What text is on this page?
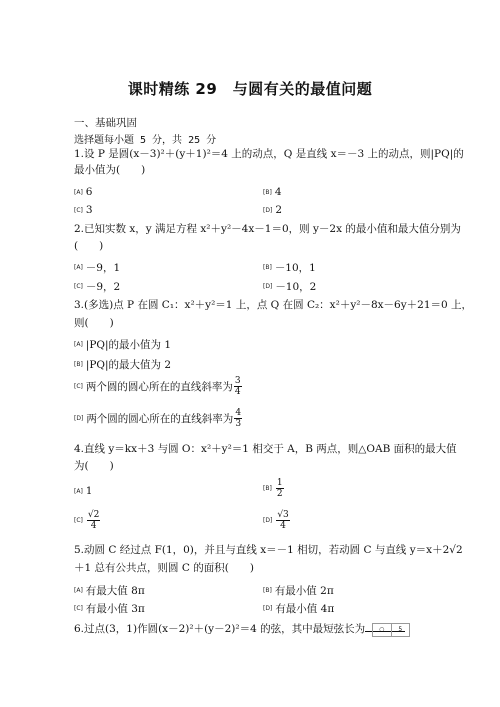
课时精练 29　与圆有关的最值问题
一、基础巩固
选择题每小题 5 分，共 25 分
1.设 P 是圆(x－3)²＋(y＋1)²＝4 上的动点，Q 是直线 x＝－3 上的动点，则|PQ|的
最小值为(　　)
[A] 6	[B] 4
[C] 3	[D] 2
2.已知实数 x，y 满足方程 x²＋y²－4x－1＝0，则 y－2x 的最小值和最大值分别为
(　　)
[A] －9，1	[B] －10，1
[C] －9，2	[D] －10，2
3.(多选)点 P 在圆 C₁：x²＋y²＝1 上，点 Q 在圆 C₂：x²＋y²－8x－6y＋21＝0 上，
则(　　)
[A] |PQ|的最小值为 1
[B] |PQ|的最大值为 2
[C] 两个圆的圆心所在的直线斜率为 $\frac{3}{4}$
[D] 两个圆的圆心所在的直线斜率为 $\frac{4}{3}$
4.直线 y＝kx＋3 与圆 O：x²＋y²＝1 相交于 A，B 两点，则△OAB 面积的最大值
为(　　)
[A] 1	$[B] \frac{1}{2}$
$[C] \frac{√2}{4}$	$[D] \frac{√3}{4}$
5.动圆 C 经过点 F(1，0)，并且与直线 x＝－1 相切，若动圆 C 与直线 y＝x＋2√2
＋1 总有公共点，则圆 C 的面积(　　)
[A] 有最大值 8π	[B] 有最小值 2π
[C] 有最小值 3π	[D] 有最小值 4π
6.过点(3，1)作圆(x－2)²＋(y－2)²＝4 的弦，其中最短弦长为	○	5
